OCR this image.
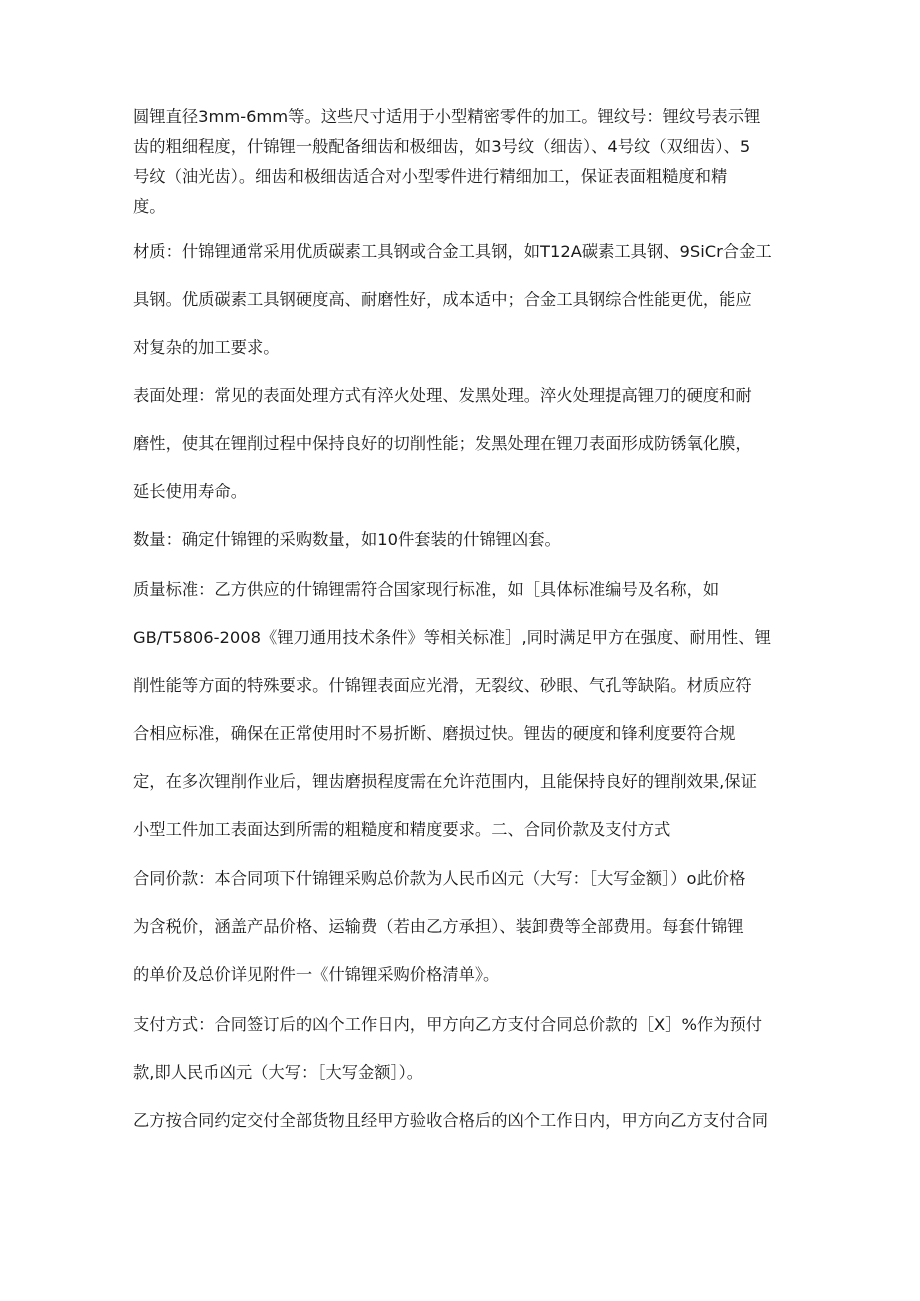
圆锂直径3mm-6mm等。这些尺寸适用于小型精密零件的加工。锂纹号：锂纹号表示锂
齿的粗细程度，什锦锂一般配备细齿和极细齿，如3号纹（细齿）、4号纹（双细齿）、5
号纹（油光齿）。细齿和极细齿适合对小型零件进行精细加工，保证表面粗糙度和精
度。
材质：什锦锂通常采用优质碳素工具钢或合金工具钢，如T12A碳素工具钢、9SiCr合金工
具钢。优质碳素工具钢硬度高、耐磨性好，成本适中；合金工具钢综合性能更优，能应
对复杂的加工要求。
表面处理：常见的表面处理方式有淬火处理、发黑处理。淬火处理提高锂刀的硬度和耐
磨性，使其在锂削过程中保持良好的切削性能；发黑处理在锂刀表面形成防锈氧化膜，
延长使用寿命。
数量：确定什锦锂的采购数量，如10件套装的什锦锂凶套。
质量标准：乙方供应的什锦锂需符合国家现行标准，如［具体标准编号及名称，如
GB/T5806-2008《锂刀通用技术条件》等相关标准］,同时满足甲方在强度、耐用性、锂
削性能等方面的特殊要求。什锦锂表面应光滑，无裂纹、砂眼、气孔等缺陷。材质应符
合相应标准，确保在正常使用时不易折断、磨损过快。锂齿的硬度和锋利度要符合规
定，在多次锂削作业后，锂齿磨损程度需在允许范围内，且能保持良好的锂削效果,保证
小型工件加工表面达到所需的粗糙度和精度要求。二、合同价款及支付方式
合同价款：本合同项下什锦锂采购总价款为人民币凶元（大写：［大写金额］）o此价格
为含税价，涵盖产品价格、运输费（若由乙方承担）、装卸费等全部费用。每套什锦锂
的单价及总价详见附件一《什锦锂采购价格清单》。
支付方式：合同签订后的凶个工作日内，甲方向乙方支付合同总价款的［X］%作为预付
款,即人民币凶元（大写：［大写金额］）。
乙方按合同约定交付全部货物且经甲方验收合格后的凶个工作日内，甲方向乙方支付合同
